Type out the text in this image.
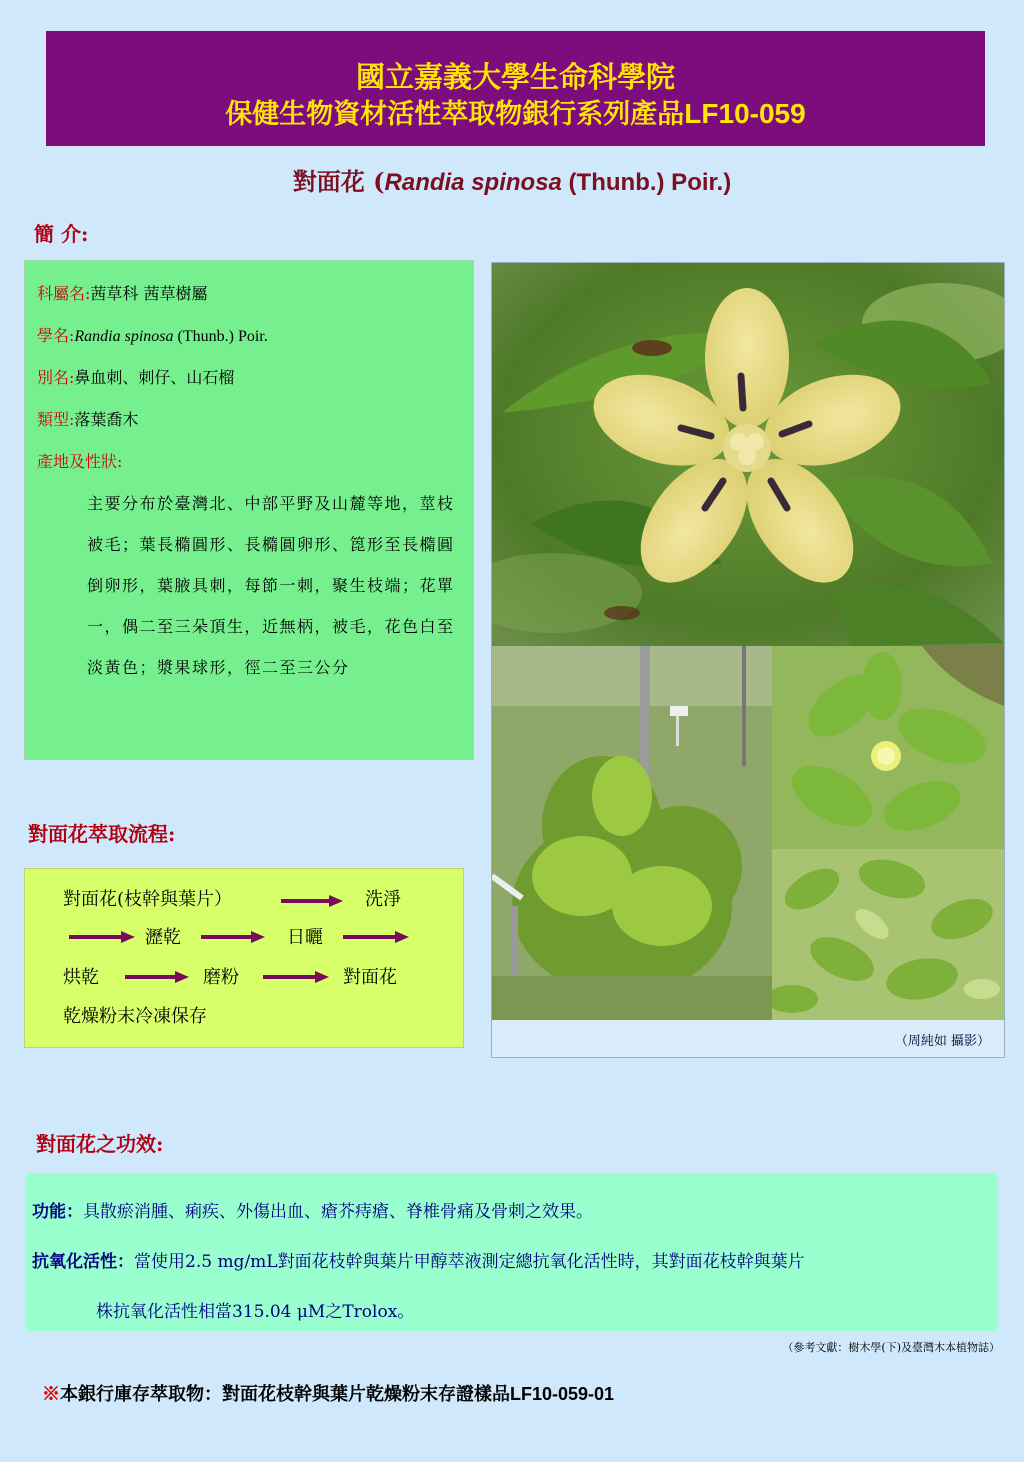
國立嘉義大學生命科學院
保健生物資材活性萃取物銀行系列產品LF10-059
對面花 (Randia spinosa (Thunb.) Poir.)
簡 介:
科屬名:茜草科 茜草樹屬
學名:Randia spinosa (Thunb.) Poir.
別名:鼻血刺、刺仔、山石榴
類型:落葉喬木
產地及性狀:
主要分布於臺灣北、中部平野及山麓等地，莖枝被毛；葉長橢圓形、長橢圓卵形、箆形至長橢圓倒卵形，葉腋具刺，每節一刺，聚生枝端；花單一，偶二至三朵頂生，近無柄，被毛，花色白至淡黃色；漿果球形，徑二至三公分
對面花萃取流程:
對面花(枝幹與葉片）	洗淨
瀝乾	日曬
烘乾	磨粉	對面花
乾燥粉末冷凍保存
（周純如 攝影）
對面花之功效:
功能：具散瘀消腫、痢疾、外傷出血、瘡芥痔瘡、脊椎骨痛及骨刺之效果。
抗氧化活性：當使用2.5 mg/mL對面花枝幹與葉片甲醇萃液測定總抗氧化活性時，其對面花枝幹與葉片
株抗氧化活性相當315.04 μM之Trolox。
（參考文獻：樹木學(下)及臺灣木本植物誌）
※本銀行庫存萃取物：對面花枝幹與葉片乾燥粉末存證樣品LF10-059-01
